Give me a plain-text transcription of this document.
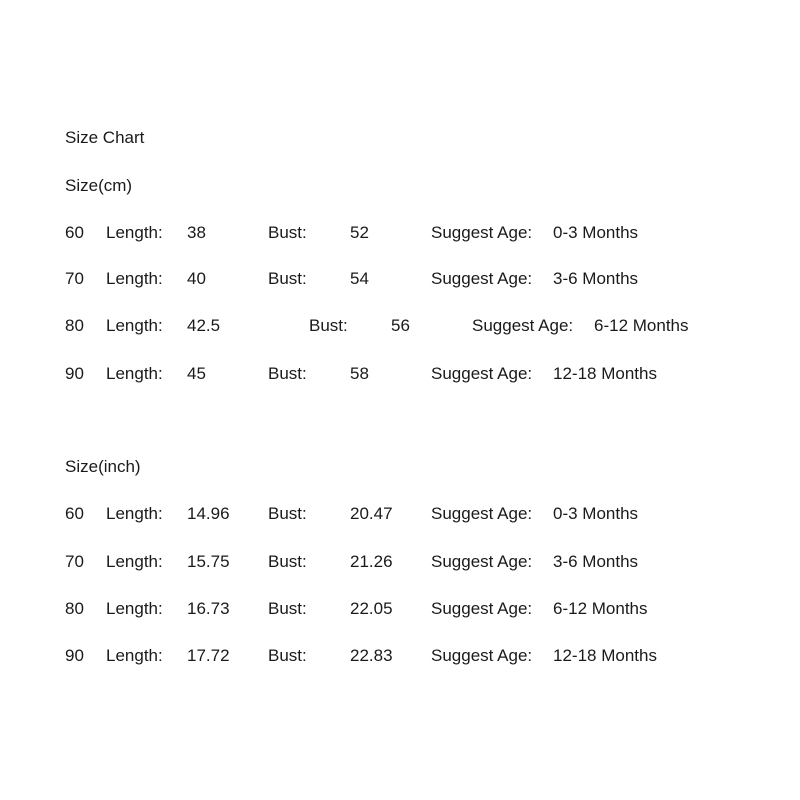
Size Chart
Size(cm)
60 Length: 38	Bust:	52	Suggest Age: 0-3 Months
70 Length: 40	Bust:	54	Suggest Age: 3-6 Months
80 Length: 42.5	Bust:	56	Suggest Age: 6-12 Months
90 Length: 45	Bust:	58	Suggest Age: 12-18 Months
Size(inch)
60 Length: 14.96 Bust:	20.47 Suggest Age: 0-3 Months
70 Length: 15.75 Bust:	21.26 Suggest Age: 3-6 Months
80 Length: 16.73 Bust:	22.05 Suggest Age: 6-12 Months
90 Length: 17.72 Bust:	22.83 Suggest Age: 12-18 Months
